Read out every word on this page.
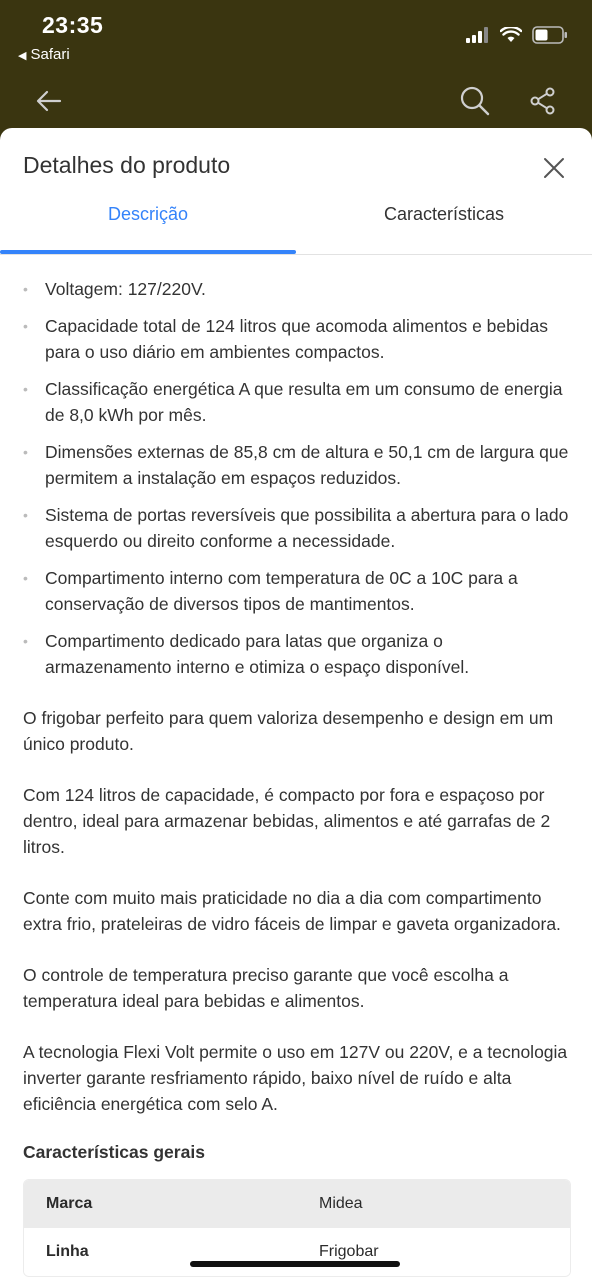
23:35
◀ Safari
Detalhes do produto
Descrição	Características
• Voltagem: 127/220V.
• Capacidade total de 124 litros que acomoda alimentos e bebidas para o uso diário em ambientes compactos.
• Classificação energética A que resulta em um consumo de energia de 8,0 kWh por mês.
• Dimensões externas de 85,8 cm de altura e 50,1 cm de largura que permitem a instalação em espaços reduzidos.
• Sistema de portas reversíveis que possibilita a abertura para o lado esquerdo ou direito conforme a necessidade.
• Compartimento interno com temperatura de 0C a 10C para a conservação de diversos tipos de mantimentos.
• Compartimento dedicado para latas que organiza o armazenamento interno e otimiza o espaço disponível.

O frigobar perfeito para quem valoriza desempenho e design em um único produto.

Com 124 litros de capacidade, é compacto por fora e espaçoso por dentro, ideal para armazenar bebidas, alimentos e até garrafas de 2 litros.

Conte com muito mais praticidade no dia a dia com compartimento extra frio, prateleiras de vidro fáceis de limpar e gaveta organizadora.

O controle de temperatura preciso garante que você escolha a temperatura ideal para bebidas e alimentos.

A tecnologia Flexi Volt permite o uso em 127V ou 220V, e a tecnologia inverter garante resfriamento rápido, baixo nível de ruído e alta eficiência energética com selo A.

Características gerais
Marca	Midea
Linha	Frigobar
